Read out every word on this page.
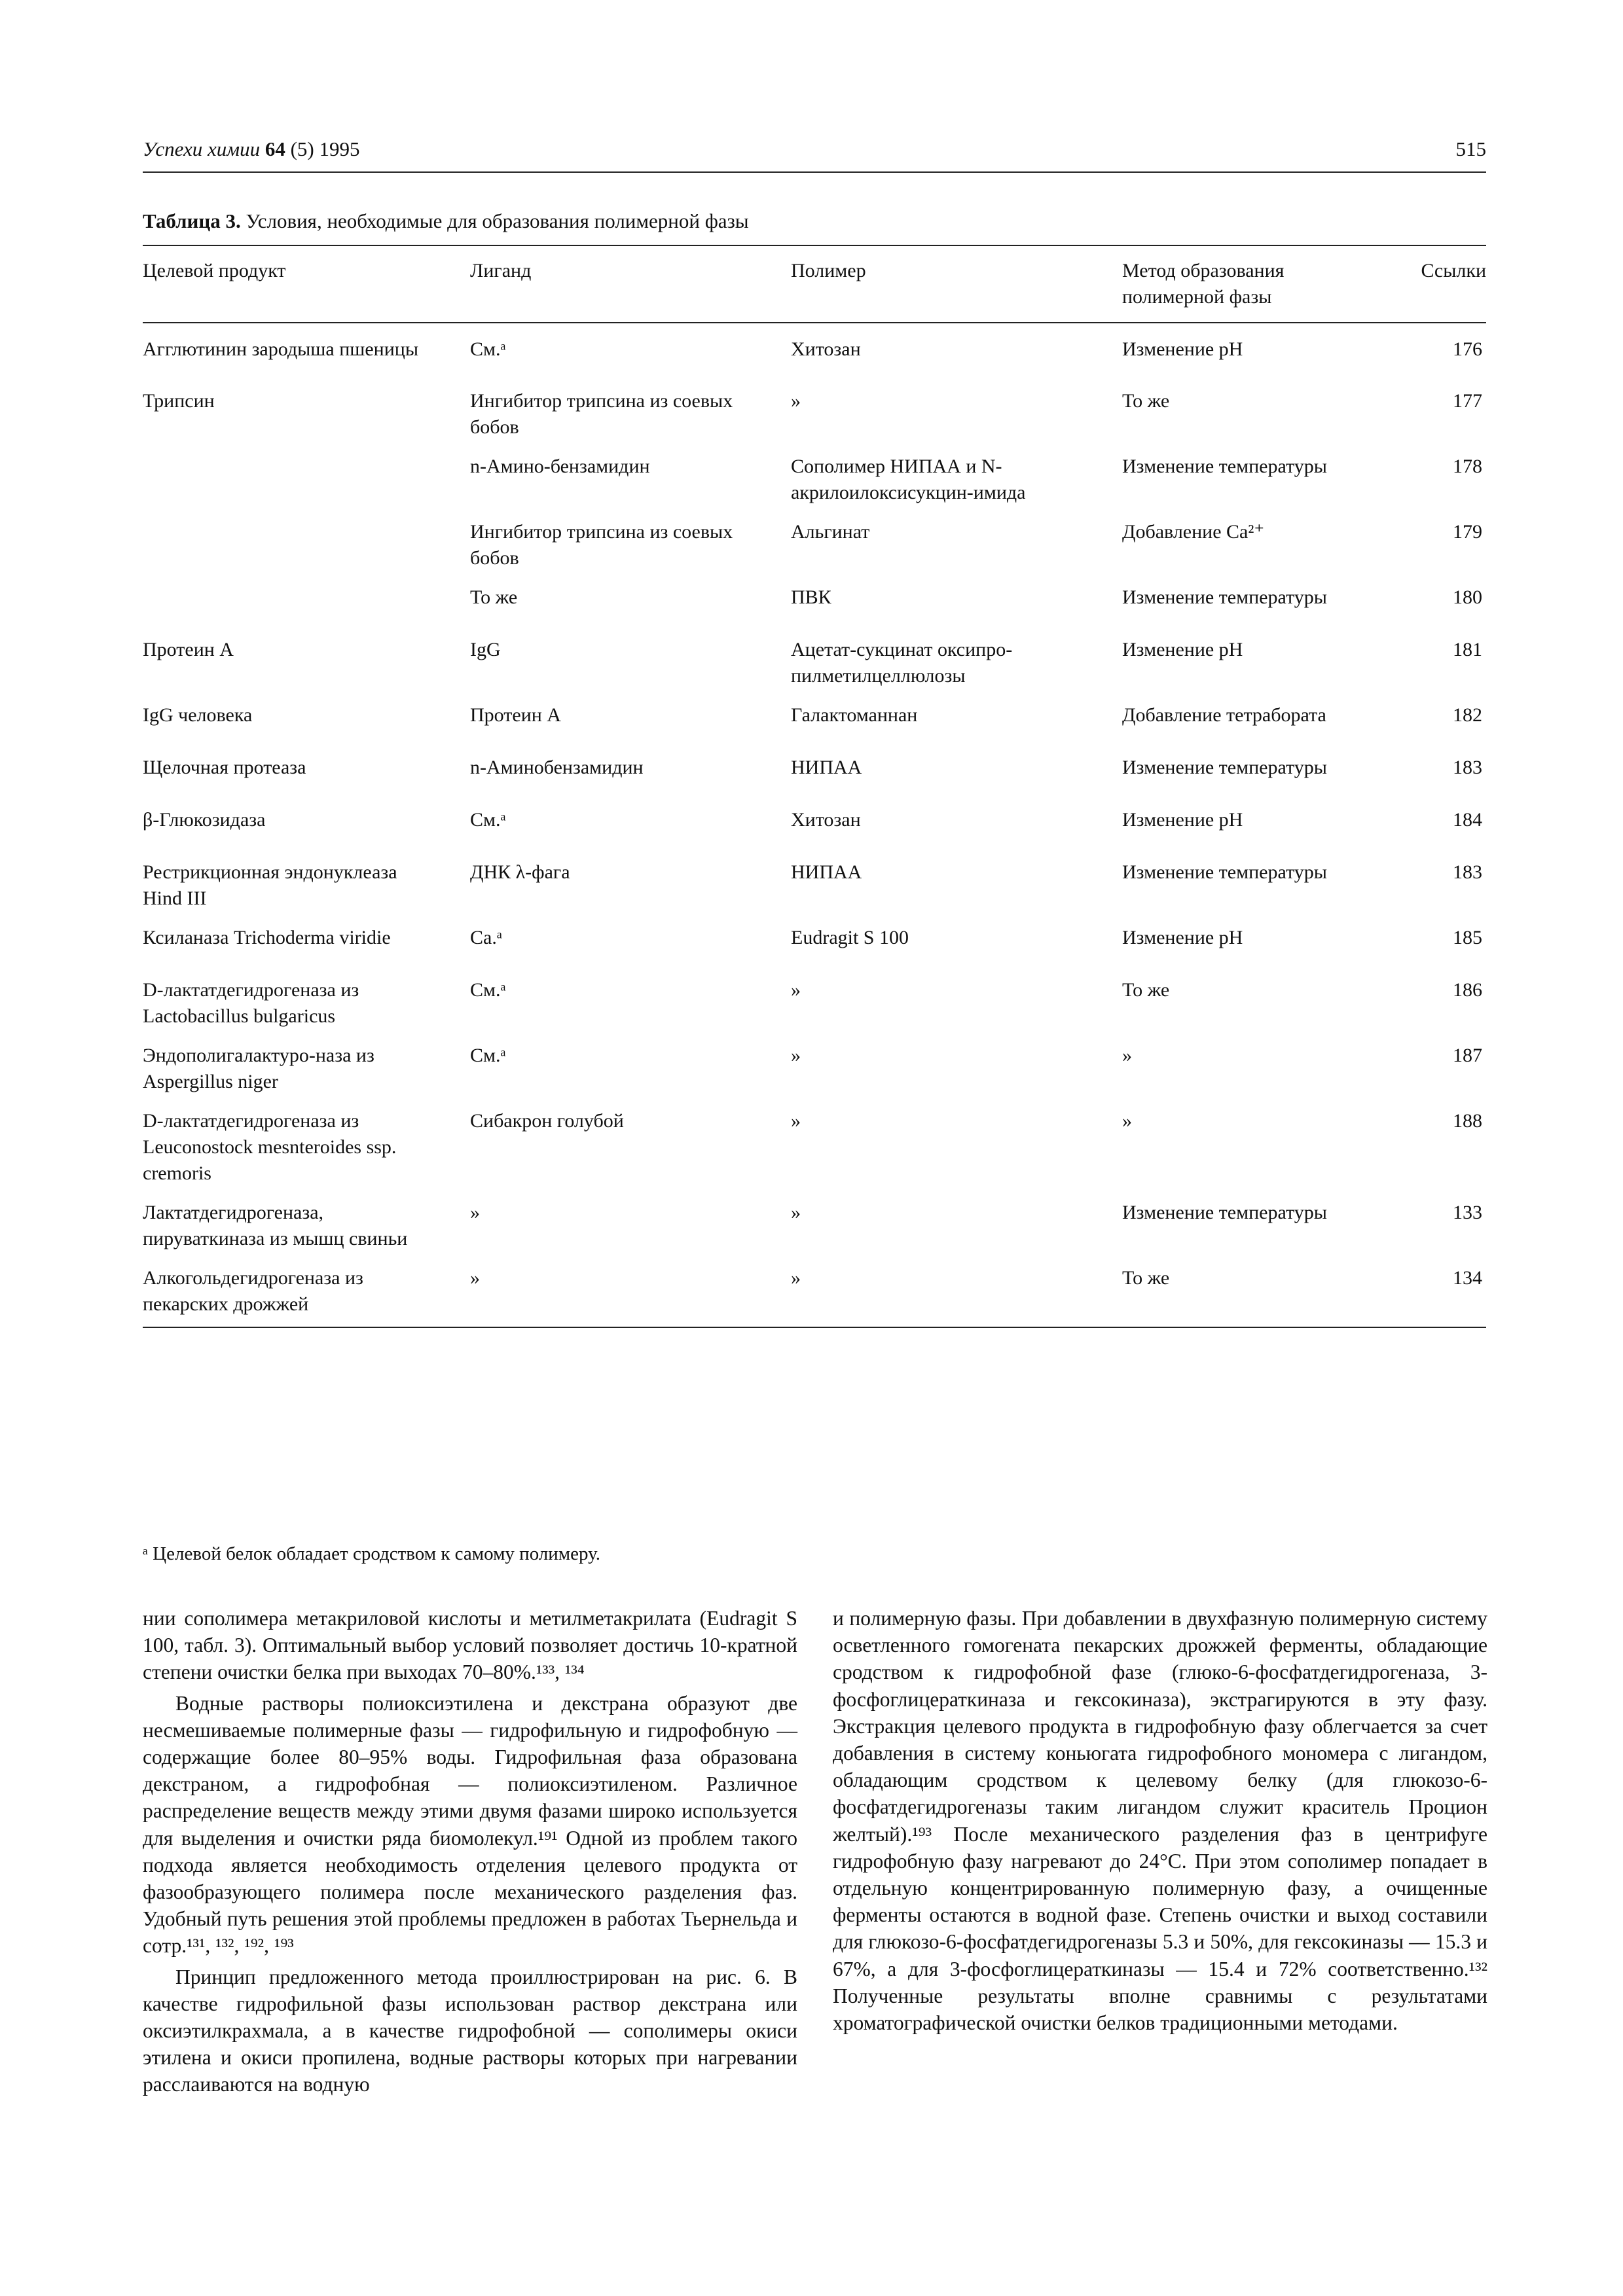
Успехи химии 64 (5) 1995	515
Таблица 3. Условия, необходимые для образования полимерной фазы
Целевой продукт	Лиганд	Полимер	Метод образования полимерной фазы	Ссылки
Агглютинин зародыша пшеницы	См.ᵃ	Хитозан	Изменение pH	176
Трипсин	Ингибитор трипсина из соевых бобов	»	То же	177
	n-Амино-бензамидин	Сополимер НИПАА и N-акрилоилоксисукцин-имида	Изменение температуры	178
	Ингибитор трипсина из соевых бобов	Альгинат	Добавление Ca²⁺	179
	То же	ПВК	Изменение температуры	180
Протеин А	IgG	Ацетат-сукцинат оксипро-пилметилцеллюлозы	Изменение pH	181
IgG человека	Протеин А	Галактоманнан	Добавление тетрабората	182
Щелочная протеаза	n-Аминобензамидин	НИПАА	Изменение температуры	183
β-Глюкозидаза	См.ᵃ	Хитозан	Изменение pH	184
Рестрикционная эндонуклеаза Hind III	ДНК λ-фага	НИПАА	Изменение температуры	183
Ксиланаза Trichoderma viridie	Са.ᵃ	Eudragit S 100	Изменение pH	185
D-лактатдегидрогеназа из Lactobacillus bulgaricus	См.ᵃ	»	То же	186
Эндополигалактуро-наза из Aspergillus niger	См.ᵃ	»	»	187
D-лактатдегидрогеназа из Leuconostock mesnteroides ssp. cremoris	Сибакрон голубой	»	»	188
Лактатдегидрогеназа, пируваткиназа из мышц свиньи	»	»	Изменение температуры	133
Алкогольдегидрогеназа из пекарских дрожжей	»	»	То же	134
ᵃ Целевой белок обладает сродством к самому полимеру.

нии сополимера метакриловой кислоты и метилметакрилата (Eudragit S 100, табл. 3). Оптимальный выбор условий позволяет достичь 10-кратной степени очистки белка при выходах 70–80%.¹³³, ¹³⁴

Водные растворы полиоксиэтилена и декстрана образуют две несмешиваемые полимерные фазы — гидрофильную и гидрофобную — содержащие более 80–95% воды. Гидрофильная фаза образована декстраном, а гидрофобная — полиоксиэтиленом. Различное распределение веществ между этими двумя фазами широко используется для выделения и очистки ряда биомолекул.¹⁹¹ Одной из проблем такого подхода является необходимость отделения целевого продукта от фазообразующего полимера после механического разделения фаз. Удобный путь решения этой проблемы предложен в работах Тьернельда и сотр.¹³¹, ¹³², ¹⁹², ¹⁹³

Принцип предложенного метода проиллюстрирован на рис. 6. В качестве гидрофильной фазы использован раствор декстрана или оксиэтилкрахмала, а в качестве гидрофобной — сополимеры окиси этилена и окиси пропилена, водные растворы которых при нагревании расслаиваются на водную

и полимерную фазы. При добавлении в двухфазную полимерную систему осветленного гомогената пекарских дрожжей ферменты, обладающие сродством к гидрофобной фазе (глюко-6-фосфатдегидрогеназа, 3-фосфоглицераткиназа и гексокиназа), экстрагируются в эту фазу. Экстракция целевого продукта в гидрофобную фазу облегчается за счет добавления в систему коньюгата гидрофобного мономера с лигандом, обладающим сродством к целевому белку (для глюкозо-6-фосфатдегидрогеназы таким лигандом служит краситель Процион желтый).¹⁹³ После механического разделения фаз в центрифуге гидрофобную фазу нагревают до 24°С. При этом сополимер попадает в отдельную концентрированную полимерную фазу, а очищенные ферменты остаются в водной фазе. Степень очистки и выход составили для глюкозо-6-фосфатдегидрогеназы 5.3 и 50%, для гексокиназы — 15.3 и 67%, а для 3-фосфоглицераткиназы — 15.4 и 72% соответственно.¹³² Полученные результаты вполне сравнимы с результатами хроматографической очистки белков традиционными методами.
